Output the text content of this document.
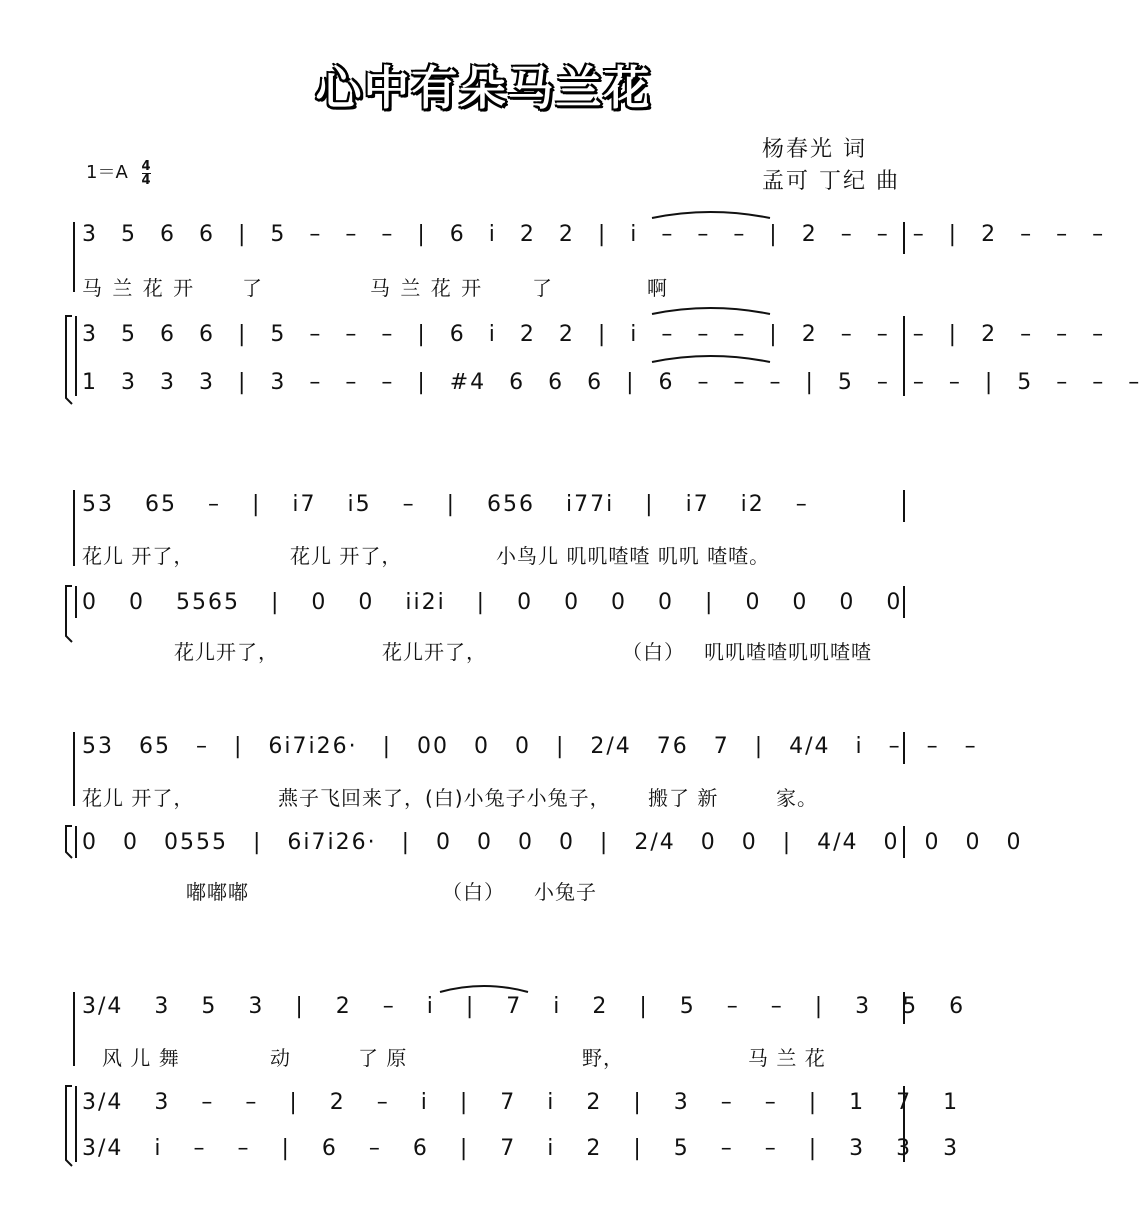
心中有朵马兰花
杨春光 词
孟可 丁纪 曲
$1=A \frac{4}{4}$
3 5 6 6 | 5 – – – | 6 i 2 2 | i – – – | 2 – – – | 2 – – –
马 兰 花 开 了	马 兰 花 开 了	啊
3 5 6 6 | 5 – – – | 6 i 2 2 | i – – – | 2 – – – | 2 – – –
1 3 3 3 | 3 – – – | #4 6 6 6 | 6 – – – | 5 – – – | 5 – – –
53 65 – | i7 i5 – | 656 i77i | i7 i2 –
花儿 开了，	花儿 开了，	小鸟儿 叽叽喳喳 叽叽 喳喳。
0 0 5565 | 0 0 ii2i | 0 0 0 0 | 0 0 0 0
花儿开了，	花儿开了，	（白） 叽叽喳喳叽叽喳喳
53 65 – | 6i7i26· | 00 0 0 | 2/4 76 7 | 4/4 i – – –
花儿 开了，	燕子飞回来了，(白)小兔子小兔子， 搬了 新	家。
0 0 0555 | 6i7i26· | 0 0 0 0 | 2/4 0 0 | 4/4 0 0 0 0
嘟嘟嘟	（白） 小兔子
3/4 3 5 3 | 2 – i | 7 i 2 | 5 – – | 3 5 6
风 儿 舞	动	了 原	野，	马 兰 花
3/4 3 – – | 2 – i | 7 i 2 | 3 – – | 1 7 1
3/4 i – – | 6 – 6 | 7 i 2 | 5 – – | 3 3 3
